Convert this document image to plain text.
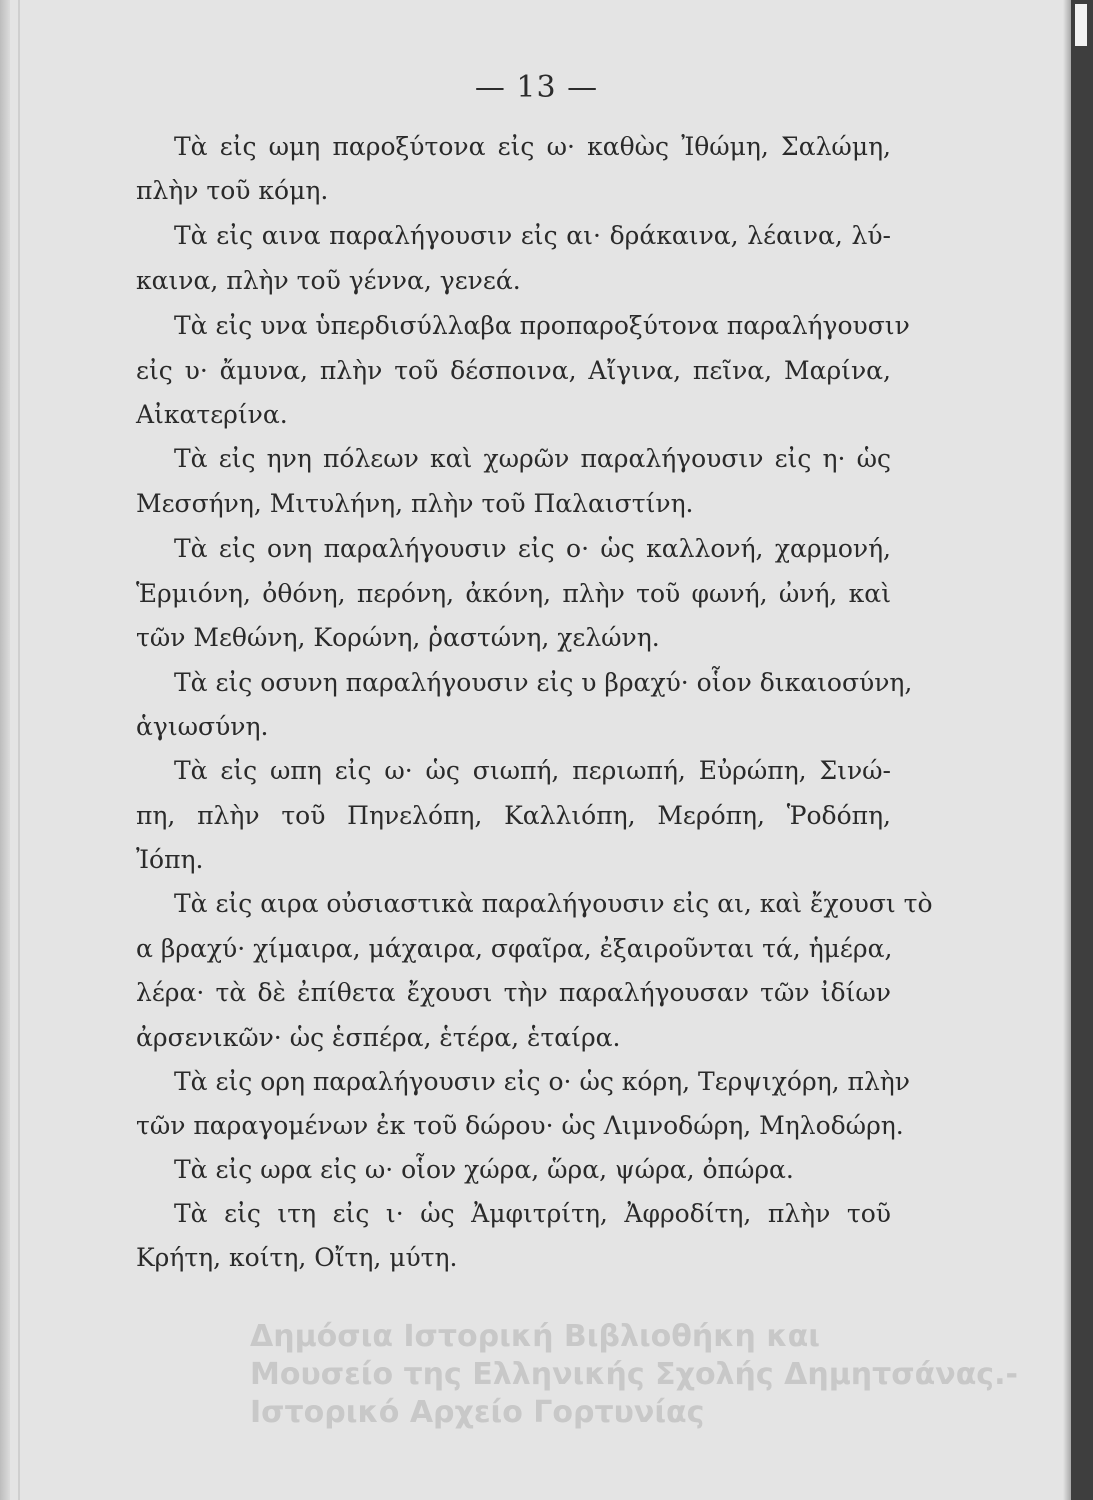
— 13 —
Τὰ εἰς ωμη παροξύτονα εἰς ω· καθὼς Ἰθώμη, Σαλώμη,
πλὴν τοῦ κόμη.
Τὰ εἰς αινα παραλήγουσιν εἰς αι· δράκαινα, λέαινα, λύ-
καινα, πλὴν τοῦ γέννα, γενεά.
Τὰ εἰς υνα ὑπερδισύλλαβα προπαροξύτονα παραλήγουσιν
εἰς υ· ἄμυνα, πλὴν τοῦ δέσποινα, Αἴγινα, πεῖνα, Μαρίνα,
Αἰκατερίνα.
Τὰ εἰς ηνη πόλεων καὶ χωρῶν παραλήγουσιν εἰς η· ὡς
Μεσσήνη, Μιτυλήνη, πλὴν τοῦ Παλαιστίνη.
Τὰ εἰς ονη παραλήγουσιν εἰς ο· ὡς καλλονή, χαρμονή,
Ἑρμιόνη, ὀθόνη, περόνη, ἀκόνη, πλὴν τοῦ φωνή, ὠνή, καὶ
τῶν Μεθώνη, Κορώνη, ῥαστώνη, χελώνη.
Τὰ εἰς οσυνη παραλήγουσιν εἰς υ βραχύ· οἷον δικαιοσύνη,
ἁγιωσύνη.
Τὰ εἰς ωπη εἰς ω· ὡς σιωπή, περιωπή, Εὐρώπη, Σινώ-
πη, πλὴν τοῦ Πηνελόπη, Καλλιόπη, Μερόπη, Ῥοδόπη,
Ἰόπη.
Τὰ εἰς αιρα οὐσιαστικὰ παραλήγουσιν εἰς αι, καὶ ἔχουσι τὸ
α βραχύ· χίμαιρα, μάχαιρα, σφαῖρα, ἐξαιροῦνται τά, ἡμέρα,
λέρα· τὰ δὲ ἐπίθετα ἔχουσι τὴν παραλήγουσαν τῶν ἰδίων
ἀρσενικῶν· ὡς ἑσπέρα, ἑτέρα, ἑταίρα.
Τὰ εἰς ορη παραλήγουσιν εἰς ο· ὡς κόρη, Τερψιχόρη, πλὴν
τῶν παραγομένων ἐκ τοῦ δώρου· ὡς Λιμνοδώρη, Μηλοδώρη.
Τὰ εἰς ωρα εἰς ω· οἷον χώρα, ὥρα, ψώρα, ὀπώρα.
Τὰ εἰς ιτη εἰς ι· ὡς Ἀμφιτρίτη, Ἀφροδίτη, πλὴν τοῦ
Κρήτη, κοίτη, Οἴτη, μύτη.
Δημόσια Ιστορική Βιβλιοθήκη και
Μουσείο της Ελληνικής Σχολής Δημητσάνας.-
Ιστορικό Αρχείο Γορτυνίας
